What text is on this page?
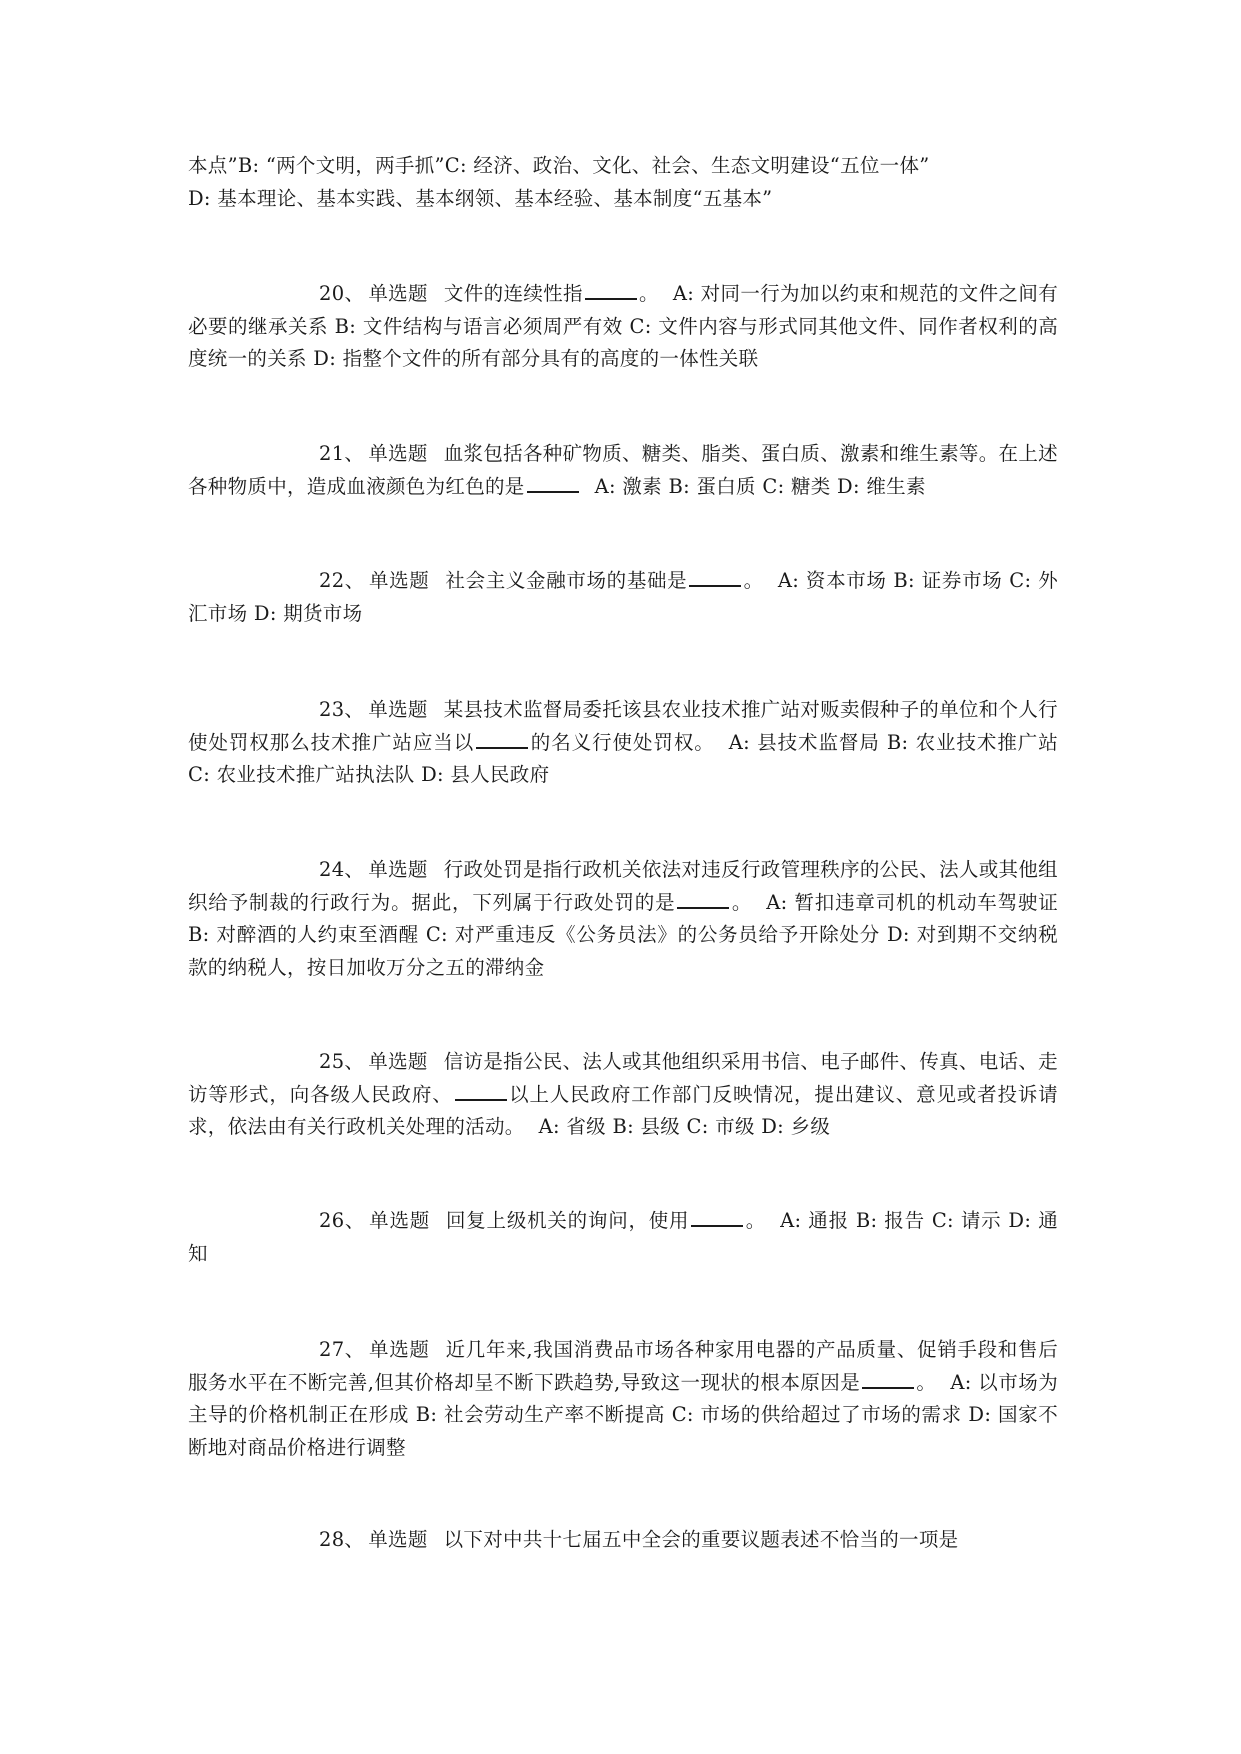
本点”B: “两个文明，两手抓”C: 经济、政治、文化、社会、生态文明建设“五位一体”
D: 基本理论、基本实践、基本纲领、基本经验、基本制度“五基本”
20、 单选题 文件的连续性指	。 A: 对同一行为加以约束和规范的文件之间有必要的继承关系 B: 文件结构与语言必须周严有效 C: 文件内容与形式同其他文件、同作者权利的高度统一的关系 D: 指整个文件的所有部分具有的高度的一体性关联
21、 单选题 血浆包括各种矿物质、糖类、脂类、蛋白质、激素和维生素等。在上述各种物质中，造成血液颜色为红色的是	A: 激素 B: 蛋白质 C: 糖类 D: 维生素
22、 单选题 社会主义金融市场的基础是	。 A: 资本市场 B: 证券市场 C: 外汇市场 D: 期货市场
23、 单选题 某县技术监督局委托该县农业技术推广站对贩卖假种子的单位和个人行使处罚权那么技术推广站应当以	的名义行使处罚权。 A: 县技术监督局 B: 农业技术推广站 C: 农业技术推广站执法队 D: 县人民政府
24、 单选题 行政处罚是指行政机关依法对违反行政管理秩序的公民、法人或其他组织给予制裁的行政行为。据此，下列属于行政处罚的是	。 A: 暂扣违章司机的机动车驾驶证 B: 对醉酒的人约束至酒醒 C: 对严重违反《公务员法》的公务员给予开除处分 D: 对到期不交纳税款的纳税人，按日加收万分之五的滞纳金
25、 单选题 信访是指公民、法人或其他组织采用书信、电子邮件、传真、电话、走访等形式，向各级人民政府、	以上人民政府工作部门反映情况，提出建议、意见或者投诉请求，依法由有关行政机关处理的活动。 A: 省级 B: 县级 C: 市级 D: 乡级
26、 单选题 回复上级机关的询问，使用	。 A: 通报 B: 报告 C: 请示 D: 通知
27、 单选题 近几年来,我国消费品市场各种家用电器的产品质量、促销手段和售后服务水平在不断完善,但其价格却呈不断下跌趋势,导致这一现状的根本原因是	。 A: 以市场为主导的价格机制正在形成 B: 社会劳动生产率不断提高 C: 市场的供给超过了市场的需求 D: 国家不断地对商品价格进行调整
28、 单选题 以下对中共十七届五中全会的重要议题表述不恰当的一项是
